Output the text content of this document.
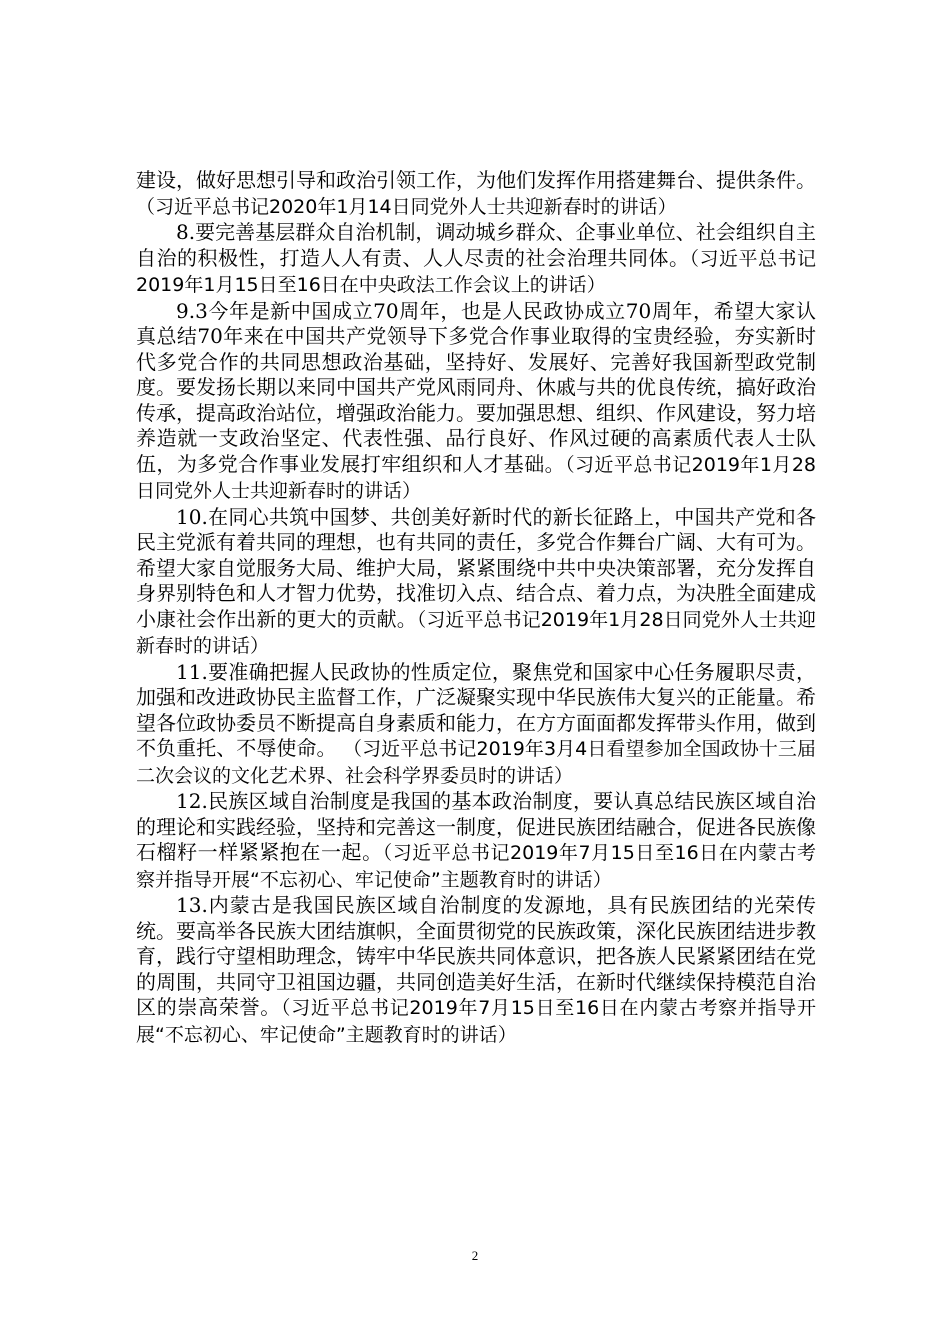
建设，做好思想引导和政治引领工作，为他们发挥作用搭建舞台、提供条件。（习近平总书记2020年1月14日同党外人士共迎新春时的讲话）

8.要完善基层群众自治机制，调动城乡群众、企事业单位、社会组织自主自治的积极性，打造人人有责、人人尽责的社会治理共同体。（习近平总书记2019年1月15日至16日在中央政法工作会议上的讲话）

9.3今年是新中国成立70周年，也是人民政协成立70周年，希望大家认真总结70年来在中国共产党领导下多党合作事业取得的宝贵经验，夯实新时代多党合作的共同思想政治基础，坚持好、发展好、完善好我国新型政党制度。要发扬长期以来同中国共产党风雨同舟、休戚与共的优良传统，搞好政治传承，提高政治站位，增强政治能力。要加强思想、组织、作风建设，努力培养造就一支政治坚定、代表性强、品行良好、作风过硬的高素质代表人士队伍，为多党合作事业发展打牢组织和人才基础。（习近平总书记2019年1月28日同党外人士共迎新春时的讲话）

10.在同心共筑中国梦、共创美好新时代的新长征路上，中国共产党和各民主党派有着共同的理想，也有共同的责任，多党合作舞台广阔、大有可为。希望大家自觉服务大局、维护大局，紧紧围绕中共中央决策部署，充分发挥自身界别特色和人才智力优势，找准切入点、结合点、着力点，为决胜全面建成小康社会作出新的更大的贡献。（习近平总书记2019年1月28日同党外人士共迎新春时的讲话）

11.要准确把握人民政协的性质定位，聚焦党和国家中心任务履职尽责，加强和改进政协民主监督工作，广泛凝聚实现中华民族伟大复兴的正能量。希望各位政协委员不断提高自身素质和能力，在方方面面都发挥带头作用，做到不负重托、不辱使命。 （习近平总书记2019年3月4日看望参加全国政协十三届二次会议的文化艺术界、社会科学界委员时的讲话）

12.民族区域自治制度是我国的基本政治制度，要认真总结民族区域自治的理论和实践经验，坚持和完善这一制度，促进民族团结融合，促进各民族像石榴籽一样紧紧抱在一起。（习近平总书记2019年7月15日至16日在内蒙古考察并指导开展“不忘初心、牢记使命”主题教育时的讲话）

13.内蒙古是我国民族区域自治制度的发源地，具有民族团结的光荣传统。要高举各民族大团结旗帜，全面贯彻党的民族政策，深化民族团结进步教育，践行守望相助理念，铸牢中华民族共同体意识，把各族人民紧紧团结在党的周围，共同守卫祖国边疆，共同创造美好生活，在新时代继续保持模范自治区的崇高荣誉。（习近平总书记2019年7月15日至16日在内蒙古考察并指导开展“不忘初心、牢记使命”主题教育时的讲话）

2
